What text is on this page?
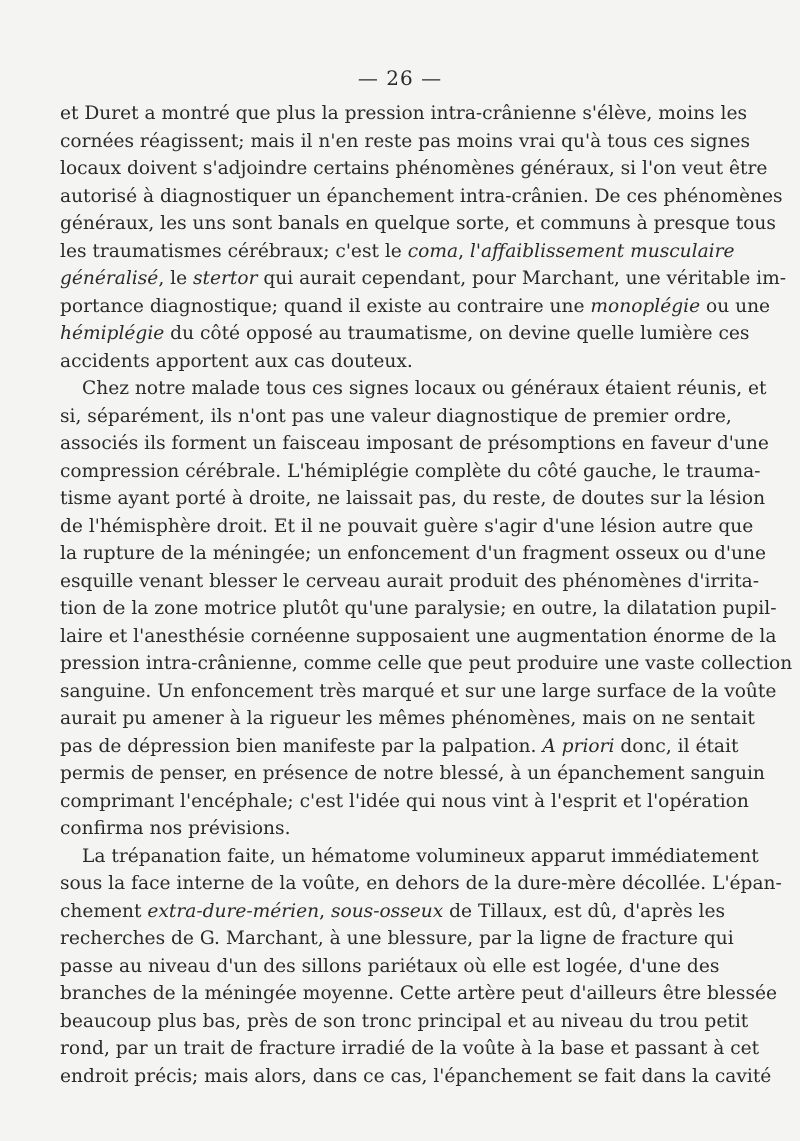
— 26 —
et Duret a montré que plus la pression intra-crânienne s'élève, moins les
cornées réagissent; mais il n'en reste pas moins vrai qu'à tous ces signes
locaux doivent s'adjoindre certains phénomènes généraux, si l'on veut être
autorisé à diagnostiquer un épanchement intra-crânien. De ces phénomènes
généraux, les uns sont banals en quelque sorte, et communs à presque tous
les traumatismes cérébraux; c'est le coma, l'affaiblissement musculaire
généralisé, le stertor qui aurait cependant, pour Marchant, une véritable im-
portance diagnostique; quand il existe au contraire une monoplégie ou une
hémiplégie du côté opposé au traumatisme, on devine quelle lumière ces
accidents apportent aux cas douteux.
Chez notre malade tous ces signes locaux ou généraux étaient réunis, et
si, séparément, ils n'ont pas une valeur diagnostique de premier ordre,
associés ils forment un faisceau imposant de présomptions en faveur d'une
compression cérébrale. L'hémiplégie complète du côté gauche, le trauma-
tisme ayant porté à droite, ne laissait pas, du reste, de doutes sur la lésion
de l'hémisphère droit. Et il ne pouvait guère s'agir d'une lésion autre que
la rupture de la méningée; un enfoncement d'un fragment osseux ou d'une
esquille venant blesser le cerveau aurait produit des phénomènes d'irrita-
tion de la zone motrice plutôt qu'une paralysie; en outre, la dilatation pupil-
laire et l'anesthésie cornéenne supposaient une augmentation énorme de la
pression intra-crânienne, comme celle que peut produire une vaste collection
sanguine. Un enfoncement très marqué et sur une large surface de la voûte
aurait pu amener à la rigueur les mêmes phénomènes, mais on ne sentait
pas de dépression bien manifeste par la palpation. A priori donc, il était
permis de penser, en présence de notre blessé, à un épanchement sanguin
comprimant l'encéphale; c'est l'idée qui nous vint à l'esprit et l'opération
confirma nos prévisions.
La trépanation faite, un hématome volumineux apparut immédiatement
sous la face interne de la voûte, en dehors de la dure-mère décollée. L'épan-
chement extra-dure-mérien, sous-osseux de Tillaux, est dû, d'après les
recherches de G. Marchant, à une blessure, par la ligne de fracture qui
passe au niveau d'un des sillons pariétaux où elle est logée, d'une des
branches de la méningée moyenne. Cette artère peut d'ailleurs être blessée
beaucoup plus bas, près de son tronc principal et au niveau du trou petit
rond, par un trait de fracture irradié de la voûte à la base et passant à cet
endroit précis; mais alors, dans ce cas, l'épanchement se fait dans la cavité
